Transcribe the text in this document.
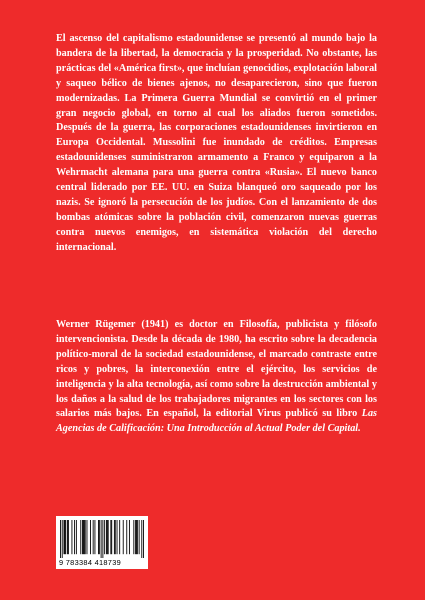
El ascenso del capitalismo estadounidense se presentó al mundo bajo la bandera de la libertad, la democracia y la prosperidad. No obstante, las prácticas del «América first», que incluían genocidios, explotación laboral y saqueo bélico de bienes ajenos, no desaparecieron, sino que fueron modernizadas. La Primera Guerra Mundial se convirtió en el primer gran negocio global, en torno al cual los aliados fueron sometidos. Después de la guerra, las corporaciones estadounidenses invirtieron en Europa Occidental. Mussolini fue inundado de créditos. Empresas estadounidenses suministraron armamento a Franco y equiparon a la Wehrmacht alemana para una guerra contra «Rusia». El nuevo banco central liderado por EE. UU. en Suiza blanqueó oro saqueado por los nazis. Se ignoró la persecución de los judíos. Con el lanzamiento de dos bombas atómicas sobre la población civil, comenzaron nuevas guerras contra nuevos enemigos, en sistemática violación del derecho internacional.

Werner Rügemer (1941) es doctor en Filosofía, publicista y filósofo intervencionista. Desde la década de 1980, ha escrito sobre la decadencia político-moral de la sociedad estadounidense, el marcado contraste entre ricos y pobres, la interconexión entre el ejército, los servicios de inteligencia y la alta tecnología, así como sobre la destrucción ambiental y los daños a la salud de los trabajadores migrantes en los sectores con los salarios más bajos. En español, la editorial Virus publicó su libro Las Agencias de Calificación: Una Introducción al Actual Poder del Capital.

9 783384 418739
